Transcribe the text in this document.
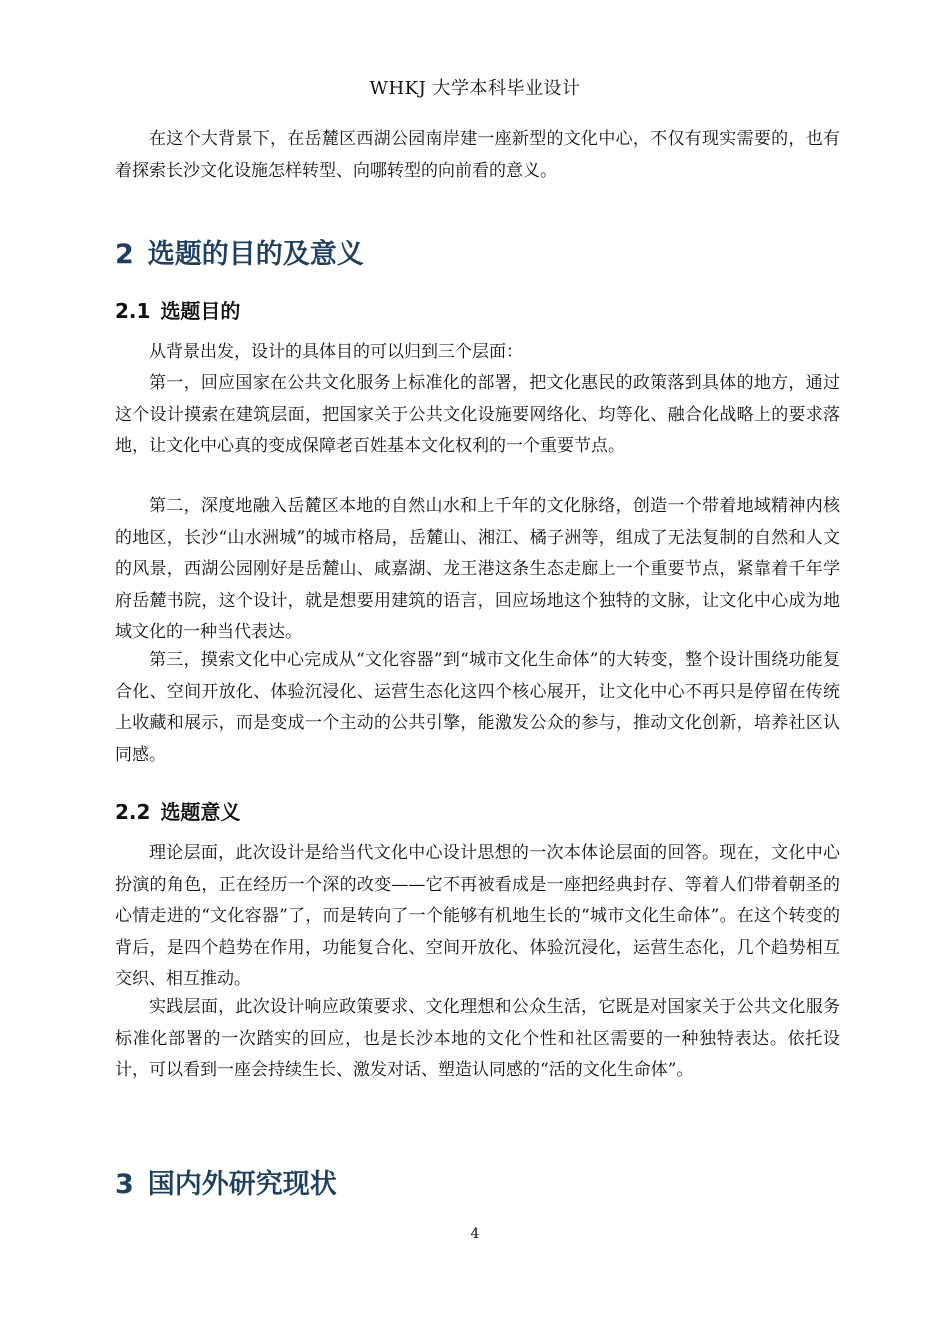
WHKJ 大学本科毕业设计

在这个大背景下，在岳麓区西湖公园南岸建一座新型的文化中心，不仅有现实需要的，也有着探索长沙文化设施怎样转型、向哪转型的向前看的意义。

2 选题的目的及意义
2.1 选题目的

从背景出发，设计的具体目的可以归到三个层面：

第一，回应国家在公共文化服务上标准化的部署，把文化惠民的政策落到具体的地方，通过这个设计摸索在建筑层面，把国家关于公共文化设施要网络化、均等化、融合化战略上的要求落地，让文化中心真的变成保障老百姓基本文化权利的一个重要节点。

第二，深度地融入岳麓区本地的自然山水和上千年的文化脉络，创造一个带着地域精神内核的地区，长沙“山水洲城”的城市格局，岳麓山、湘江、橘子洲等，组成了无法复制的自然和人文的风景，西湖公园刚好是岳麓山、咸嘉湖、龙王港这条生态走廊上一个重要节点，紧靠着千年学府岳麓书院，这个设计，就是想要用建筑的语言，回应场地这个独特的文脉，让文化中心成为地域文化的一种当代表达。

第三，摸索文化中心完成从“文化容器”到“城市文化生命体”的大转变，整个设计围绕功能复合化、空间开放化、体验沉浸化、运营生态化这四个核心展开，让文化中心不再只是停留在传统上收藏和展示，而是变成一个主动的公共引擎，能激发公众的参与，推动文化创新，培养社区认同感。

2.2 选题意义

理论层面，此次设计是给当代文化中心设计思想的一次本体论层面的回答。现在，文化中心扮演的角色，正在经历一个深的改变——它不再被看成是一座把经典封存、等着人们带着朝圣的心情走进的“文化容器”了，而是转向了一个能够有机地生长的“城市文化生命体”。在这个转变的背后，是四个趋势在作用，功能复合化、空间开放化、体验沉浸化，运营生态化，几个趋势相互交织、相互推动。

实践层面，此次设计响应政策要求、文化理想和公众生活，它既是对国家关于公共文化服务标准化部署的一次踏实的回应，也是长沙本地的文化个性和社区需要的一种独特表达。依托设计，可以看到一座会持续生长、激发对话、塑造认同感的“活的文化生命体”。

3 国内外研究现状
4
